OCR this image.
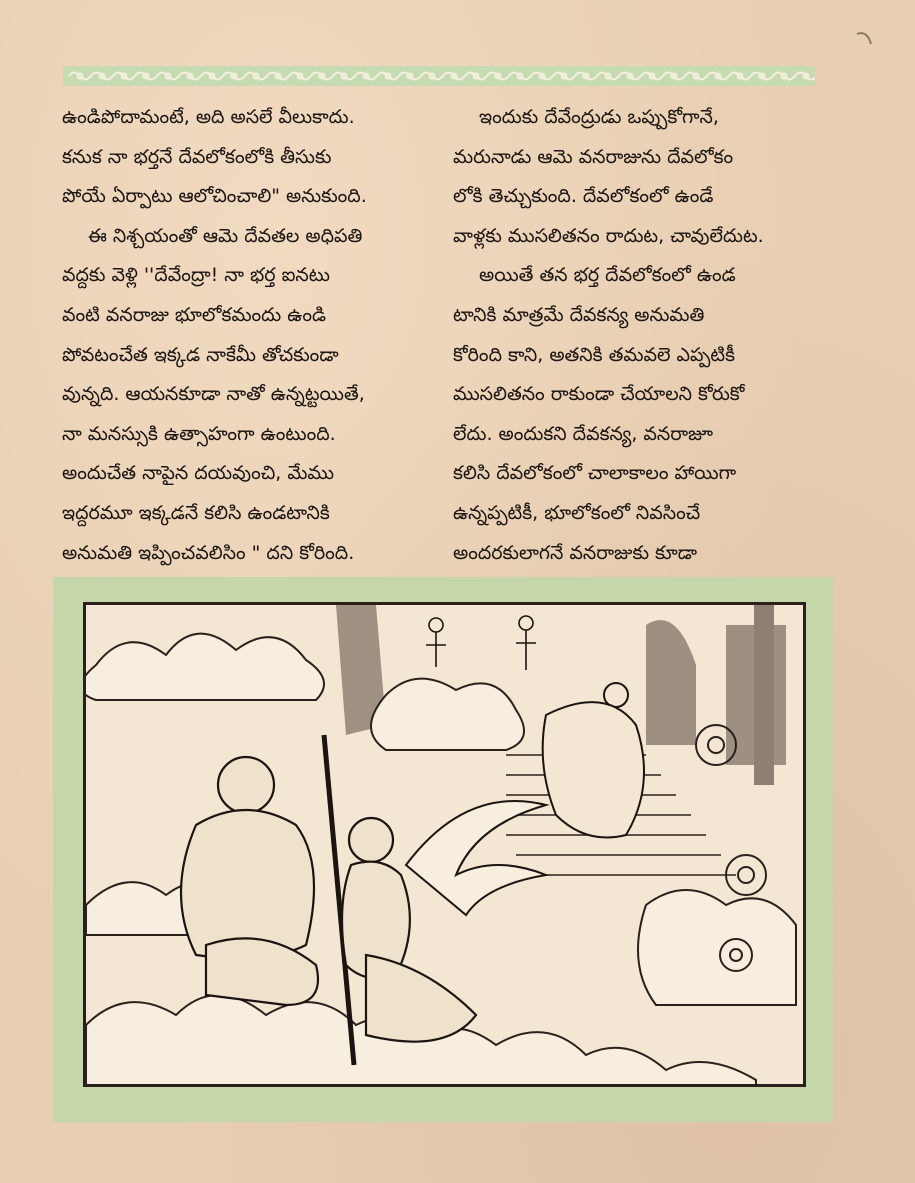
ఉండిపోదామంటే, అది అసలే వీలుకాదు.
కనుక నా భర్తనే దేవలోకంలోకి తీసుకు
పోయే ఏర్పాటు ఆలోచించాలి" అనుకుంది.
ఈ నిశ్చయంతో ఆమె దేవతల అధిపతి
వద్దకు వెళ్లి ''దేవేంద్రా! నా భర్త ఐనటు
వంటి వనరాజు భూలోకమందు ఉండి
పోవటంచేత ఇక్కడ నాకేమీ తోచకుండా
వున్నది. ఆయనకూడా నాతో ఉన్నట్టయితే,
నా మనస్సుకి ఉత్సాహంగా ఉంటుంది.
అందుచేత నాపైన దయవుంచి, మేము
ఇద్దరమూ ఇక్కడనే కలిసి ఉండటానికి
అనుమతి ఇప్పించవలిసిం " దని కోరింది.
ఇందుకు దేవేంద్రుడు ఒప్పుకోగానే,
మరునాడు ఆమె వనరాజును దేవలోకం
లోకి తెచ్చుకుంది. దేవలోకంలో ఉండే
వాళ్లకు ముసలితనం రాదుట, చావులేదుట.
అయితే తన భర్త దేవలోకంలో ఉండ
టానికి మాత్రమే దేవకన్య అనుమతి
కోరింది కాని, అతనికి తమవలె ఎప్పటికీ
ముసలితనం రాకుండా చేయాలని కోరుకో
లేదు. అందుకని దేవకన్య, వనరాజూ
కలిసి దేవలోకంలో చాలాకాలం హాయిగా
ఉన్నప్పటికీ, భూలోకంలో నివసించే
అందరకులాగనే వనరాజుకు కూడా
